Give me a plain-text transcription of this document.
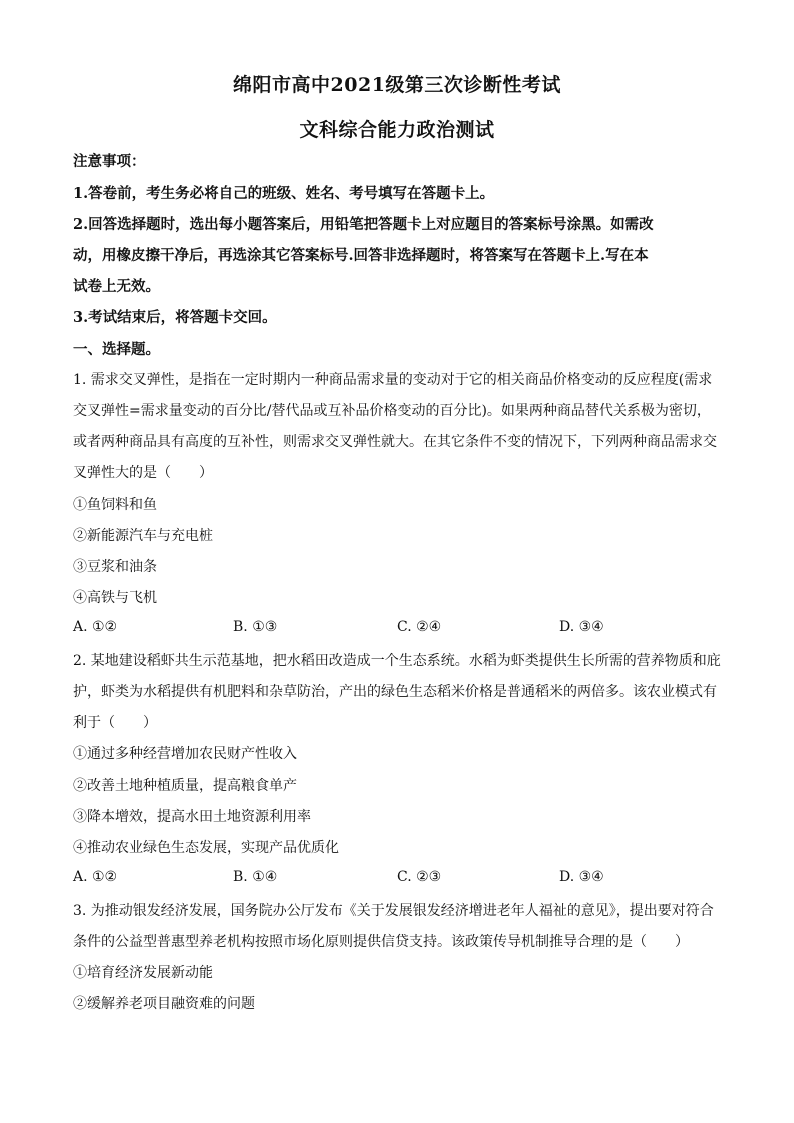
绵阳市高中2021级第三次诊断性考试
文科综合能力政治测试
注意事项：
1.答卷前，考生务必将自己的班级、姓名、考号填写在答题卡上。
2.回答选择题时，选出每小题答案后，用铅笔把答题卡上对应题目的答案标号涂黑。如需改
动，用橡皮擦干净后，再选涂其它答案标号.回答非选择题时，将答案写在答题卡上.写在本
试卷上无效。
3.考试结束后，将答题卡交回。
一、选择题。
1. 需求交叉弹性，是指在一定时期内一种商品需求量的变动对于它的相关商品价格变动的反应程度(需求
交叉弹性=需求量变动的百分比/替代品或互补品价格变动的百分比)。如果两种商品替代关系极为密切，
或者两种商品具有高度的互补性，则需求交叉弹性就大。在其它条件不变的情况下，下列两种商品需求交
叉弹性大的是（　　）
①鱼饲料和鱼
②新能源汽车与充电桩
③豆浆和油条
④高铁与飞机
A. ①②	B. ①③	C. ②④	D. ③④
2. 某地建设稻虾共生示范基地，把水稻田改造成一个生态系统。水稻为虾类提供生长所需的营养物质和庇
护，虾类为水稻提供有机肥料和杂草防治，产出的绿色生态稻米价格是普通稻米的两倍多。该农业模式有
利于（　　）
①通过多种经营增加农民财产性收入
②改善土地种植质量，提高粮食单产
③降本增效，提高水田土地资源利用率
④推动农业绿色生态发展，实现产品优质化
A. ①②	B. ①④	C. ②③	D. ③④
3. 为推动银发经济发展，国务院办公厅发布《关于发展银发经济增进老年人福祉的意见》，提出要对符合
条件的公益型普惠型养老机构按照市场化原则提供信贷支持。该政策传导机制推导合理的是（　　）
①培育经济发展新动能
②缓解养老项目融资难的问题
